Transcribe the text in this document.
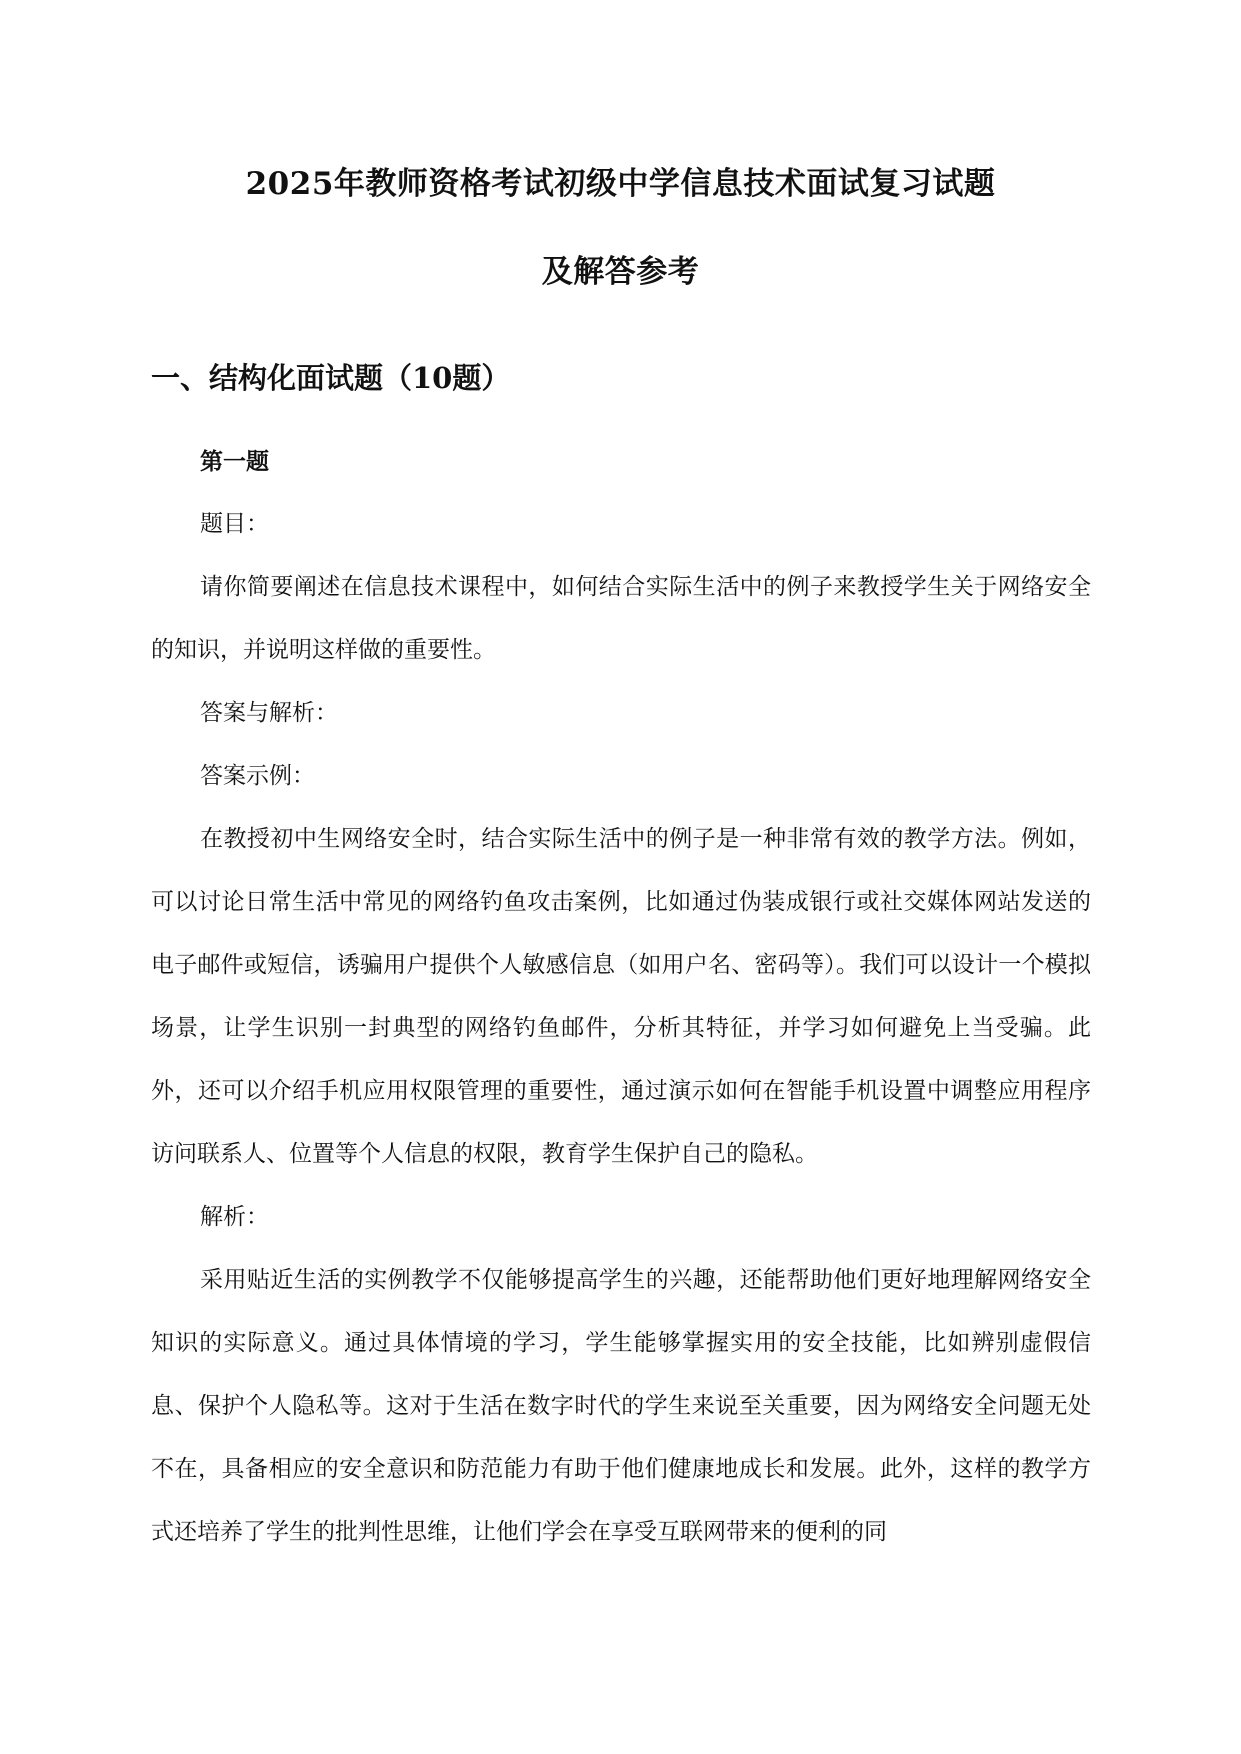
2025年教师资格考试初级中学信息技术面试复习试题
及解答参考
一、结构化面试题（10题）
第一题
题目：
请你简要阐述在信息技术课程中，如何结合实际生活中的例子来教授学生关于网络安全的知识，并说明这样做的重要性。
答案与解析：
答案示例：
在教授初中生网络安全时，结合实际生活中的例子是一种非常有效的教学方法。例如，可以讨论日常生活中常见的网络钓鱼攻击案例，比如通过伪装成银行或社交媒体网站发送的电子邮件或短信，诱骗用户提供个人敏感信息（如用户名、密码等）。我们可以设计一个模拟场景，让学生识别一封典型的网络钓鱼邮件，分析其特征，并学习如何避免上当受骗。此外，还可以介绍手机应用权限管理的重要性，通过演示如何在智能手机设置中调整应用程序访问联系人、位置等个人信息的权限，教育学生保护自己的隐私。
解析：
采用贴近生活的实例教学不仅能够提高学生的兴趣，还能帮助他们更好地理解网络安全知识的实际意义。通过具体情境的学习，学生能够掌握实用的安全技能，比如辨别虚假信息、保护个人隐私等。这对于生活在数字时代的学生来说至关重要，因为网络安全问题无处不在，具备相应的安全意识和防范能力有助于他们健康地成长和发展。此外，这样的教学方式还培养了学生的批判性思维，让他们学会在享受互联网带来的便利的同
